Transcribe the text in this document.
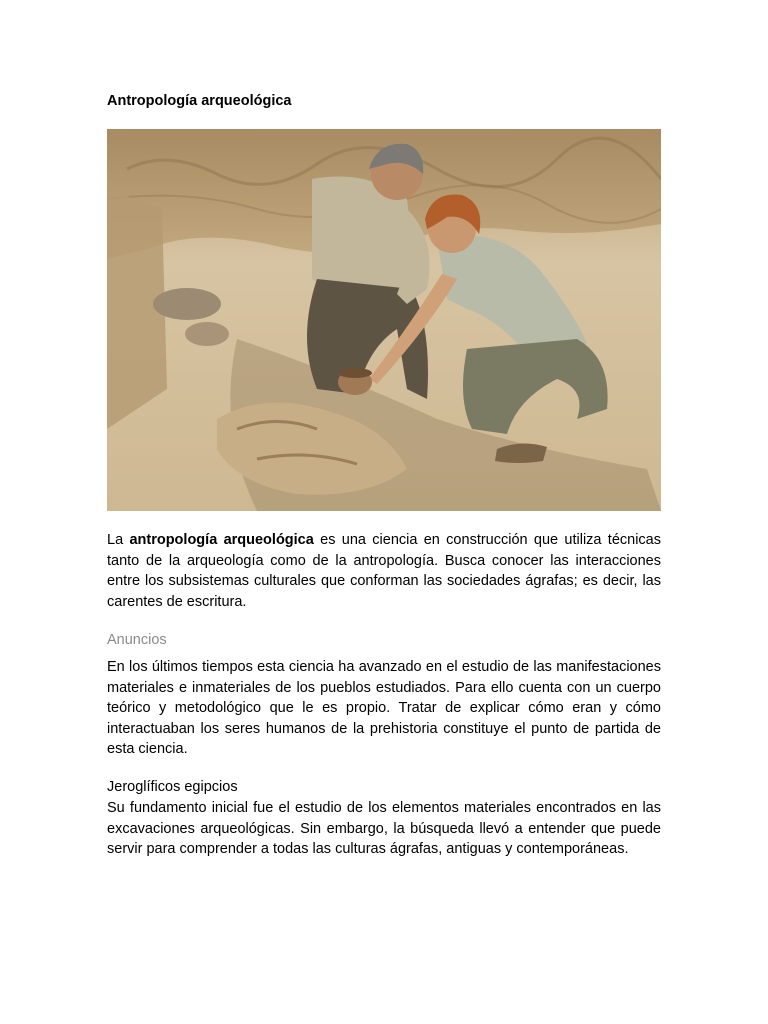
Antropología arqueológica

La antropología arqueológica es una ciencia en construcción que utiliza técnicas tanto de la arqueología como de la antropología. Busca conocer las interacciones entre los subsistemas culturales que conforman las sociedades ágrafas; es decir, las carentes de escritura.

Anuncios

En los últimos tiempos esta ciencia ha avanzado en el estudio de las manifestaciones materiales e inmateriales de los pueblos estudiados. Para ello cuenta con un cuerpo teórico y metodológico que le es propio. Tratar de explicar cómo eran y cómo interactuaban los seres humanos de la prehistoria constituye el punto de partida de esta ciencia.

Jeroglíficos egipcios

Su fundamento inicial fue el estudio de los elementos materiales encontrados en las excavaciones arqueológicas. Sin embargo, la búsqueda llevó a entender que puede servir para comprender a todas las culturas ágrafas, antiguas y contemporáneas.
